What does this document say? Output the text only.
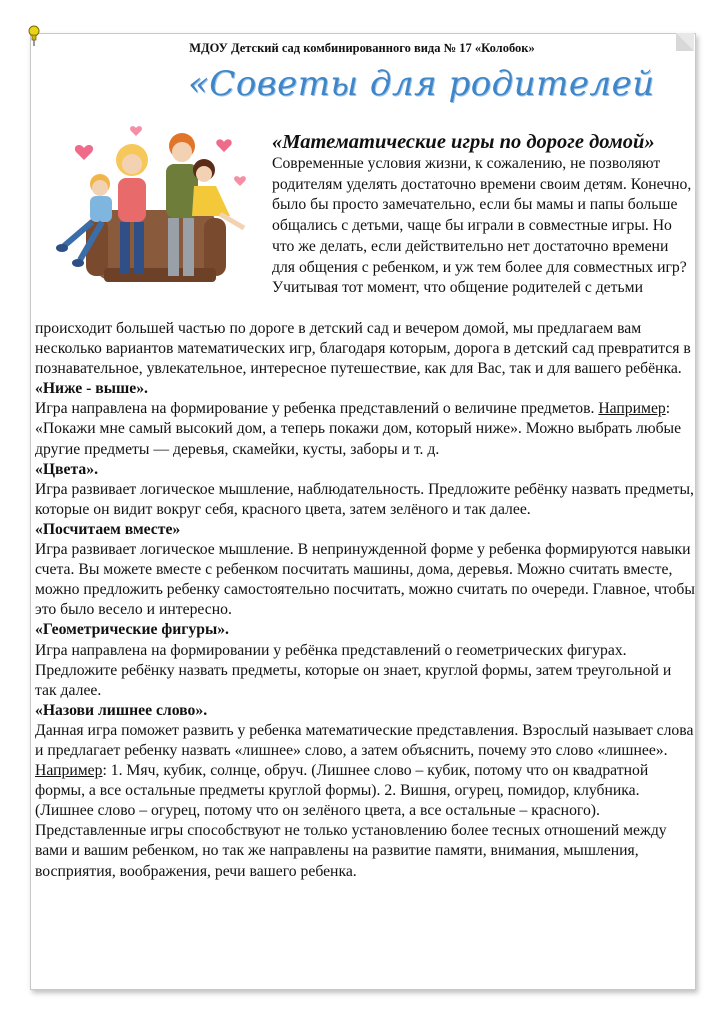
МДОУ Детский сад комбинированного вида № 17 «Колобок»
«Советы для родителей
«Математические игры по дороге домой»
Современные условия жизни, к сожалению, не позволяют родителям уделять достаточно времени своим детям. Конечно, было бы просто замечательно, если бы мамы и папы больше общались с детьми, чаще бы играли в совместные игры. Но что же делать, если действительно нет достаточно времени для общения с ребенком, и уж тем более для совместных игр? Учитывая тот момент, что общение родителей с детьми

происходит большей частью по дороге в детский сад и вечером домой, мы предлагаем вам несколько вариантов математических игр, благодаря которым, дорога в детский сад превратится в познавательное, увлекательное, интересное путешествие, как для Вас, так и для вашего ребёнка.

«Ниже - выше».

Игра направлена на формирование у ребенка представлений о величине предметов. Например: «Покажи мне самый высокий дом, а теперь покажи дом, который ниже». Можно выбрать любые другие предметы — деревья, скамейки, кусты, заборы и т. д.

«Цвета».

Игра развивает логическое мышление, наблюдательность. Предложите ребёнку назвать предметы, которые он видит вокруг себя, красного цвета, затем зелёного и так далее.

«Посчитаем вместе»

Игра развивает логическое мышление. В непринужденной форме у ребенка формируются навыки счета. Вы можете вместе с ребенком посчитать машины, дома, деревья. Можно считать вместе, можно предложить ребенку самостоятельно посчитать, можно считать по очереди. Главное, чтобы это было весело и интересно.

«Геометрические фигуры».

Игра направлена на формировании у ребёнка представлений о геометрических фигурах. Предложите ребёнку назвать предметы, которые он знает, круглой формы, затем треугольной и так далее.

«Назови лишнее слово».

Данная игра поможет развить у ребенка математические представления. Взрослый называет слова и предлагает ребенку назвать «лишнее» слово, а затем объяснить, почему это слово «лишнее». Например: 1. Мяч, кубик, солнце, обруч. (Лишнее слово – кубик, потому что он квадратной формы, а все остальные предметы круглой формы). 2. Вишня, огурец, помидор, клубника. (Лишнее слово – огурец, потому что он зелёного цвета, а все остальные – красного).

Представленные игры способствуют не только установлению более тесных отношений между вами и вашим ребенком, но так же направлены на развитие памяти, внимания, мышления, восприятия, воображения, речи вашего ребенка.
